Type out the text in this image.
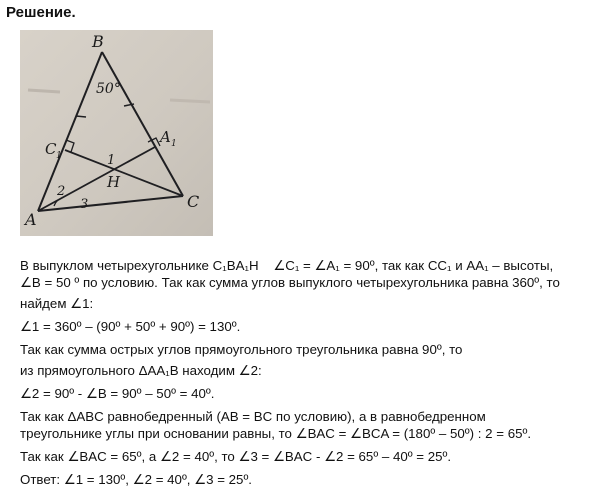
Решение.
B
A
C
C 1
A 1
H
50°
1
2
3
В выпуклом четырехугольнике C₁BA₁H    ∠C₁ = ∠A₁ = 90º, так как CC₁ и AA₁ – высоты,
∠B = 50 º по условию. Так как сумма углов выпуклого четырехугольника равна 360º, то
найдем ∠1:
∠1 = 360º – (90º + 50º + 90º) = 130º.
Так как сумма острых углов прямоугольного треугольника равна 90º, то
из прямоугольного ΔAA₁B находим ∠2:
∠2 = 90º - ∠B = 90º – 50º = 40º.
Так как ΔABC равнобедренный (AB = BC по условию), а в равнобедренном
треугольнике углы при основании равны, то ∠BAC = ∠BCA = (180º – 50º) : 2 = 65º.
Так как ∠BAC = 65º, а ∠2 = 40º, то ∠3 = ∠BAC - ∠2 = 65º – 40º = 25º.
Ответ: ∠1 = 130º, ∠2 = 40º, ∠3 = 25º.
